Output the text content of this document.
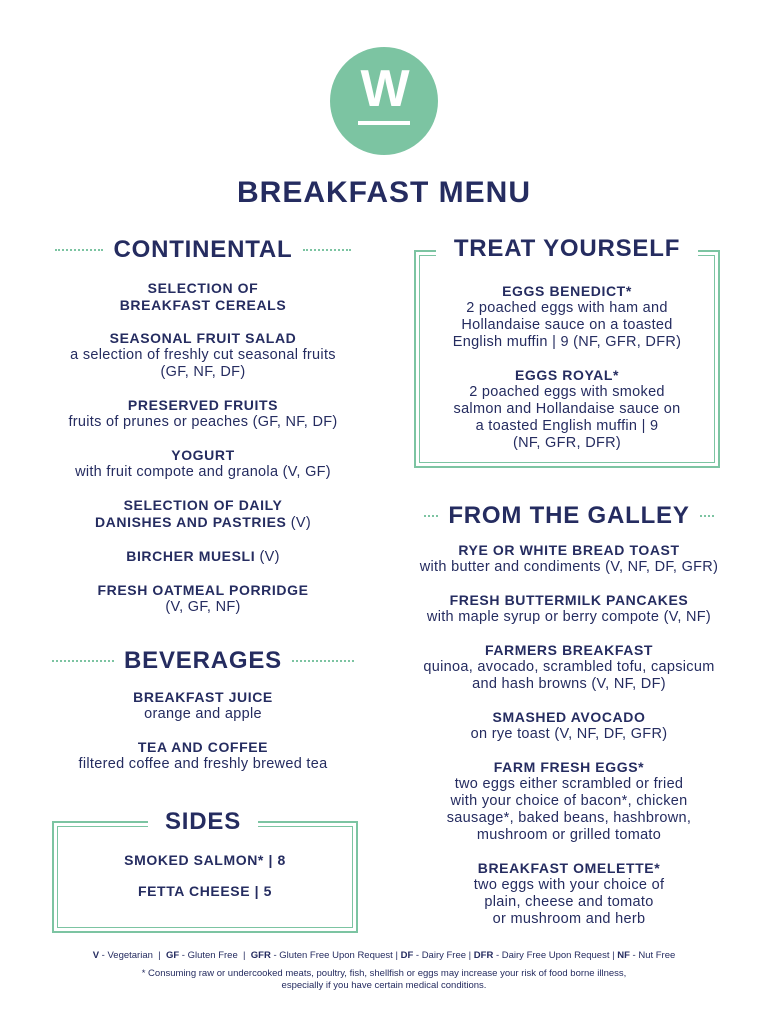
W
BREAKFAST MENU
CONTINENTAL
SELECTION OF
BREAKFAST CEREALS
SEASONAL FRUIT SALAD
a selection of freshly cut seasonal fruits
(GF, NF, DF)
PRESERVED FRUITS
fruits of prunes or peaches (GF, NF, DF)
YOGURT
with fruit compote and granola (V, GF)
SELECTION OF DAILY
DANISHES AND PASTRIES (V)
BIRCHER MUESLI (V)
FRESH OATMEAL PORRIDGE
(V, GF, NF)
BEVERAGES
BREAKFAST JUICE
orange and apple
TEA AND COFFEE
filtered coffee and freshly brewed tea
SIDES
SMOKED SALMON* | 8
FETTA CHEESE | 5
TREAT YOURSELF
EGGS BENEDICT*
2 poached eggs with ham and
Hollandaise sauce on a toasted
English muffin | 9 (NF, GFR, DFR)
EGGS ROYAL*
2 poached eggs with smoked
salmon and Hollandaise sauce on
a toasted English muffin | 9
(NF, GFR, DFR)
FROM THE GALLEY
RYE OR WHITE BREAD TOAST
with butter and condiments (V, NF, DF, GFR)
FRESH BUTTERMILK PANCAKES
with maple syrup or berry compote (V, NF)
FARMERS BREAKFAST
quinoa, avocado, scrambled tofu, capsicum
and hash browns (V, NF, DF)
SMASHED AVOCADO
on rye toast (V, NF, DF, GFR)
FARM FRESH EGGS*
two eggs either scrambled or fried
with your choice of bacon*, chicken
sausage*, baked beans, hashbrown,
mushroom or grilled tomato
BREAKFAST OMELETTE*
two eggs with your choice of
plain, cheese and tomato
or mushroom and herb
V - Vegetarian  |  GF - Gluten Free  |  GFR - Gluten Free Upon Request | DF - Dairy Free | DFR - Dairy Free Upon Request | NF - Nut Free
* Consuming raw or undercooked meats, poultry, fish, shellfish or eggs may increase your risk of food borne illness,
especially if you have certain medical conditions.
